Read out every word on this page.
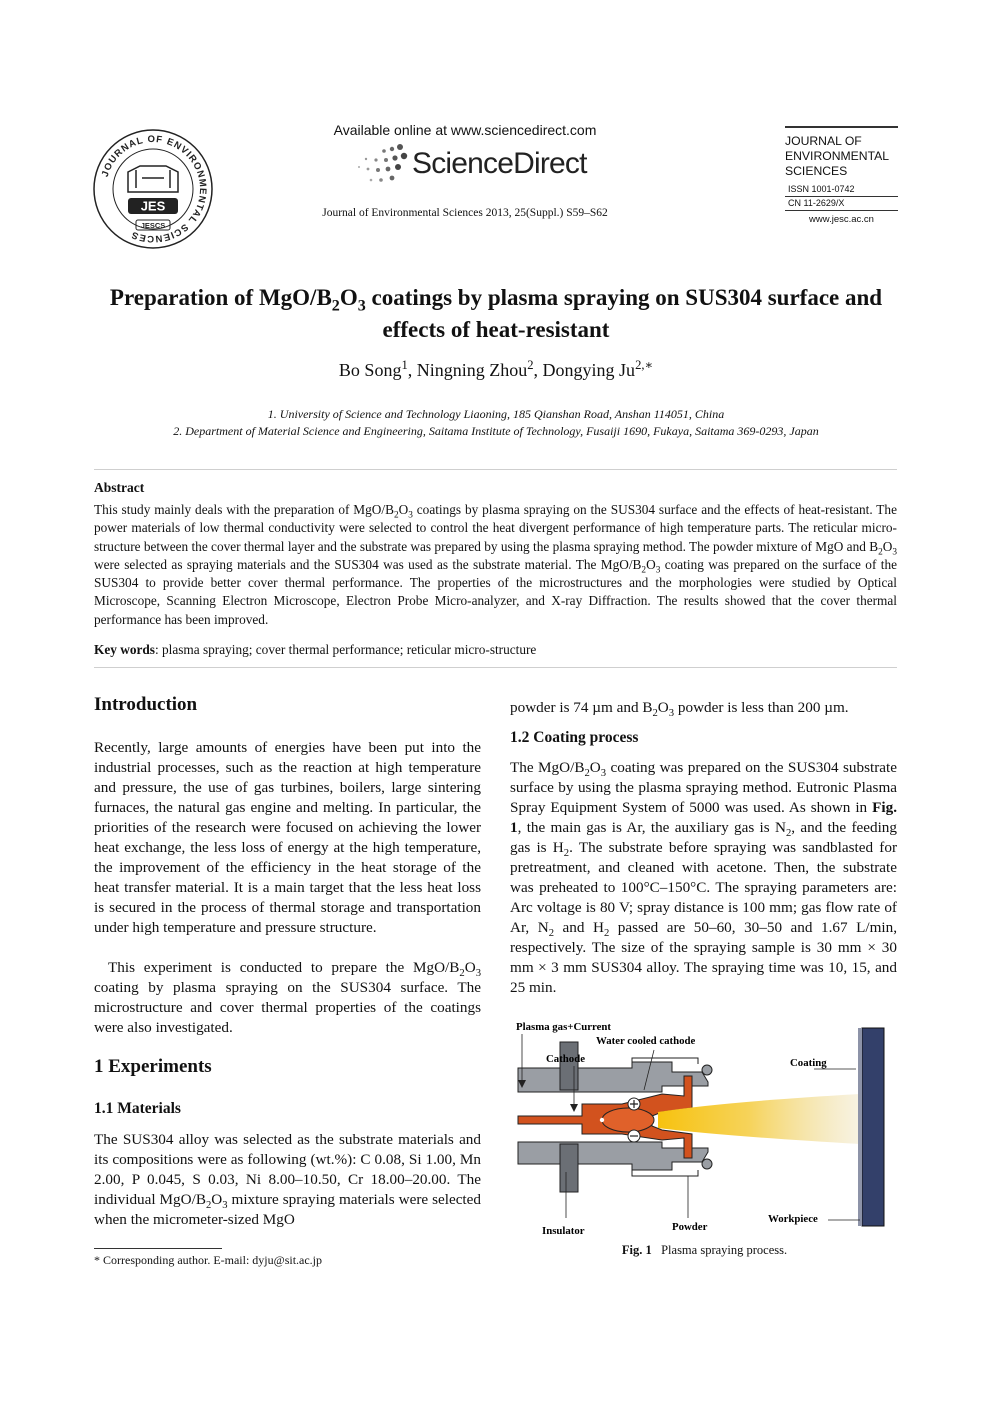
JOURNAL OF ENVIRONMENTAL SCIENCES
JES
JESCS
Available online at www.sciencedirect.com
ScienceDirect
Journal of Environmental Sciences 2013, 25(Suppl.) S59–S62
JOURNAL OF
ENVIRONMENTAL
SCIENCES
ISSN 1001-0742
CN 11-2629/X
www.jesc.ac.cn
Preparation of MgO/$B_2O_3$ coatings by plasma spraying on SUS304 surface and effects of heat-resistant
Bo Song$^1$, Ningning Zhou$^2$, Dongying $Ju^{2,∗}$
1. University of Science and Technology Liaoning, 185 Qianshan Road, Anshan 114051, China
2. Department of Material Science and Engineering, Saitama Institute of Technology, Fusaiji 1690, Fukaya, Saitama 369-0293, Japan
Abstract
This study mainly deals with the preparation of MgO/$B_2O_3$ coatings by plasma spraying on the SUS304 surface and the effects of heat-resistant. The power materials of low thermal conductivity were selected to control the heat divergent performance of high temperature parts. The reticular micro-structure between the cover thermal layer and the substrate was prepared by using the plasma spraying method. The powder mixture of MgO and $B_2O_3$ were selected as spraying materials and the SUS304 was used as the substrate material. The MgO/$B_2O_3$ coating was prepared on the surface of the SUS304 to provide better cover thermal performance. The properties of the microstructures and the morphologies were studied by Optical Microscope, Scanning Electron Microscope, Electron Probe Micro-analyzer, and X-ray Diffraction. The results showed that the cover thermal performance has been improved.
Key words: plasma spraying; cover thermal performance; reticular micro-structure
Introduction
Recently, large amounts of energies have been put into the industrial processes, such as the reaction at high temperature and pressure, the use of gas turbines, boilers, large sintering furnaces, the natural gas engine and melting. In particular, the priorities of the research were focused on achieving the lower heat exchange, the less loss of energy at the high temperature, the improvement of the efficiency in the heat storage of the heat transfer material. It is a main target that the less heat loss is secured in the process of thermal storage and transportation under high temperature and pressure structure.
This experiment is conducted to prepare the MgO/$B_2O_3$ coating by plasma spraying on the SUS304 surface. The microstructure and cover thermal properties of the coatings were also investigated.
1 Experiments
1.1 Materials
The SUS304 alloy was selected as the substrate materials and its compositions were as following (wt.%): C 0.08, Si 1.00, Mn 2.00, P 0.045, S 0.03, Ni 8.00–10.50, Cr 18.00–20.00. The individual MgO/$B_2O_3$ mixture spraying materials were selected when the micrometer-sized MgO
* Corresponding author. E-mail: dyju@sit.ac.jp
powder is 74 µm and $B_2O_3$ powder is less than 200 µm.
1.2 Coating process
The MgO/$B_2O_3$ coating was prepared on the SUS304 substrate surface by using the plasma spraying method. Eutronic Plasma Spray Equipment System of 5000 was used. As shown in Fig. 1, the main gas is Ar, the auxiliary gas is $N_2$, and the feeding gas is $H_2$. The substrate before spraying was sandblasted for pretreatment, and cleaned with acetone. Then, the substrate was preheated to 100°C–150°C. The spraying parameters are: Arc voltage is 80 V; spray distance is 100 mm; gas flow rate of Ar, $N_2$ and $H_2$ passed are 50–60, 30–50 and 1.67 L/min, respectively. The size of the spraying sample is 30 mm × 30 mm × 3 mm SUS304 alloy. The spraying time was 10, 15, and 25 min.
Plasma gas+Current
Water cooled cathode
Cathode	Coating
Insulator	Powder
Workpiece
Fig. 1 Plasma spraying process.
